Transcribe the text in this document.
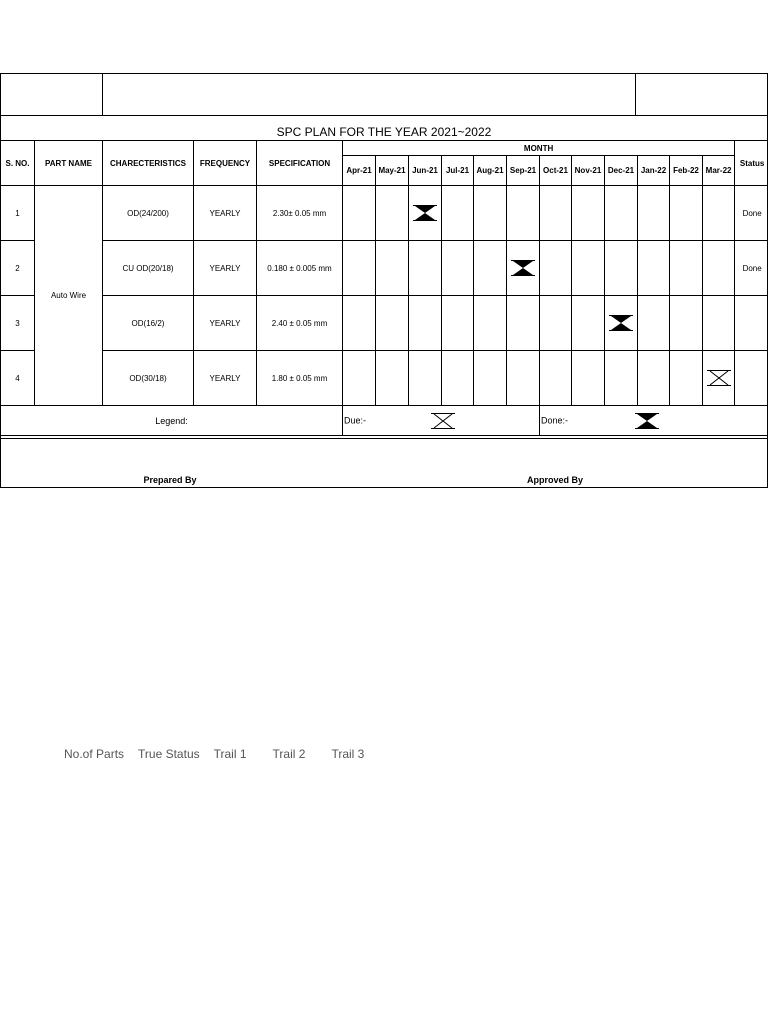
SPC PLAN FOR THE YEAR 2021~2022
S. NO.	PART NAME	CHARECTERISTICS	FREQUENCY	SPECIFICATION	MONTH												Status
					Apr-21	May-21	Jun-21	Jul-21	Aug-21	Sep-21	Oct-21	Nov-21	Dec-21	Jan-22	Feb-22	Mar-22	
1	Auto Wire	OD(24/200)	YEARLY	2.30± 0.05 mm													Done
2		CU OD(20/18)	YEARLY	0.180 ± 0.005 mm													Done
3		OD(16/2)	YEARLY	2.40 ± 0.05 mm													
4		OD(30/18)	YEARLY	1.80 ± 0.05 mm													
Legend:					Due:-						Done:-						
Prepared By	Approved By
No.of Parts True Status Trail 1 Trail 2 Trail 3
